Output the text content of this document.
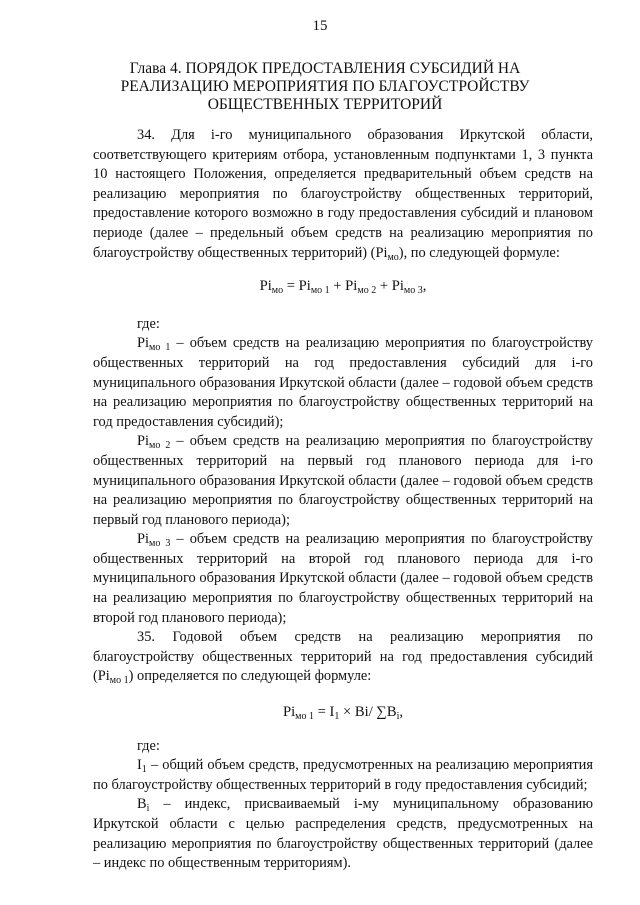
15
Глава 4. ПОРЯДОК ПРЕДОСТАВЛЕНИЯ СУБСИДИЙ НА РЕАЛИЗАЦИЮ МЕРОПРИЯТИЯ ПО БЛАГОУСТРОЙСТВУ ОБЩЕСТВЕННЫХ ТЕРРИТОРИЙ

34. Для i-го муниципального образования Иркутской области, соответствующего критериям отбора, установленным подпунктами 1, 3 пункта 10 настоящего Положения, определяется предварительный объем средств на реализацию мероприятия по благоустройству общественных территорий, предоставление которого возможно в году предоставления субсидий и плановом периоде (далее – предельный объем средств на реализацию мероприятия по благоустройству общественных территорий) $(Pi_{мо})$, по следующей формуле:

$Pi_{мо} = Pi_{мо 1} + Pi_{мо 2} + Pi_{мо 3}$,

где:

$Pi_{мо 1}$ – объем средств на реализацию мероприятия по благоустройству общественных территорий на год предоставления субсидий для i-го муниципального образования Иркутской области (далее – годовой объем средств на реализацию мероприятия по благоустройству общественных территорий на год предоставления субсидий);

$Pi_{мо 2}$ – объем средств на реализацию мероприятия по благоустройству общественных территорий на первый год планового периода для i-го муниципального образования Иркутской области (далее – годовой объем средств на реализацию мероприятия по благоустройству общественных территорий на первый год планового периода);

$Pi_{мо 3}$ – объем средств на реализацию мероприятия по благоустройству общественных территорий на второй год планового периода для i-го муниципального образования Иркутской области (далее – годовой объем средств на реализацию мероприятия по благоустройству общественных территорий на второй год планового периода);

35. Годовой объем средств на реализацию мероприятия по благоустройству общественных территорий на год предоставления субсидий $(Pi_{мо 1})$ определяется по следующей формуле:

$Pi_{мо 1} = I_1 \times Bi/$ $\sum B_i$,

где:

$I_1$ – общий объем средств, предусмотренных на реализацию мероприятия по благоустройству общественных территорий в году предоставления субсидий;

$B_i$ – индекс, присваиваемый i-му муниципальному образованию Иркутской области с целью распределения средств, предусмотренных на реализацию мероприятия по благоустройству общественных территорий (далее – индекс по общественным территориям).
